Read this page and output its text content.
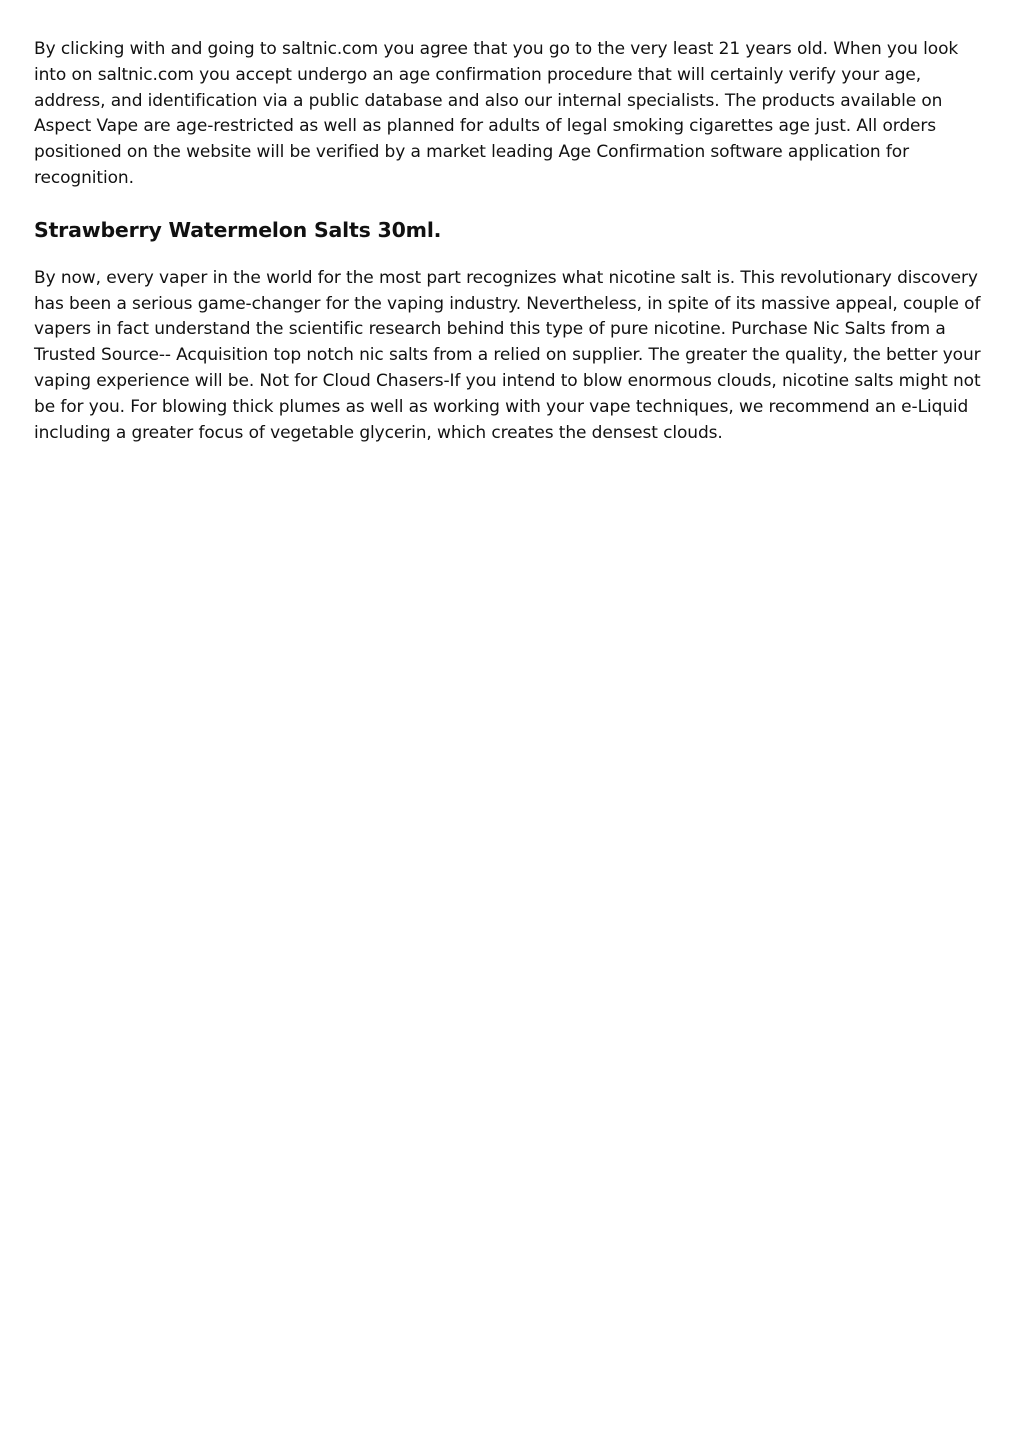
By clicking with and going to saltnic.com you agree that you go to the very least 21 years old. When you look into on saltnic.com you accept undergo an age confirmation procedure that will certainly verify your age, address, and identification via a public database and also our internal specialists. The products available on Aspect Vape are age-restricted as well as planned for adults of legal smoking cigarettes age just. All orders positioned on the website will be verified by a market leading Age Confirmation software application for recognition.

Strawberry Watermelon Salts 30ml.

By now, every vaper in the world for the most part recognizes what nicotine salt is. This revolutionary discovery has been a serious game-changer for the vaping industry. Nevertheless, in spite of its massive appeal, couple of vapers in fact understand the scientific research behind this type of pure nicotine. Purchase Nic Salts from a Trusted Source-- Acquisition top notch nic salts from a relied on supplier. The greater the quality, the better your vaping experience will be. Not for Cloud Chasers-If you intend to blow enormous clouds, nicotine salts might not be for you. For blowing thick plumes as well as working with your vape techniques, we recommend an e-Liquid including a greater focus of vegetable glycerin, which creates the densest clouds.
